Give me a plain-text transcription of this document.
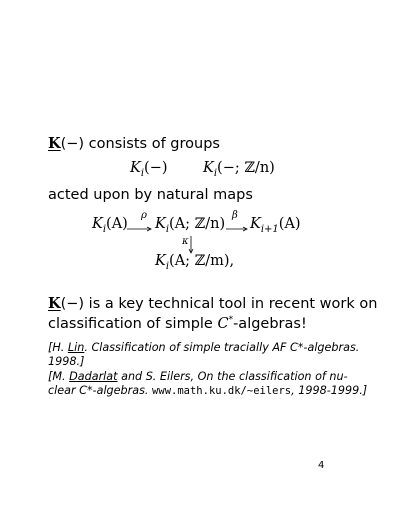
K(−) consists of groups
$K_i(-)$ $K_i(-$; ℤ/n)
acted upon by natural maps
$K_i(A)$ $K_i(A$; ℤ/n) $K_{i+1}(A)$
$K_i(A$; ℤ/m),
ρ	β
κ
K(−) is a key technical tool in recent work on
classification of simple C*-algebras!
[H. Lin. Classification of simple tracially AF C*-algebras.
1998.]
[M. Dadarlat and S. Eilers, On the classification of nu-
clear C*-algebras. www.math.ku.dk/~eilers, 1998-1999.]
4
